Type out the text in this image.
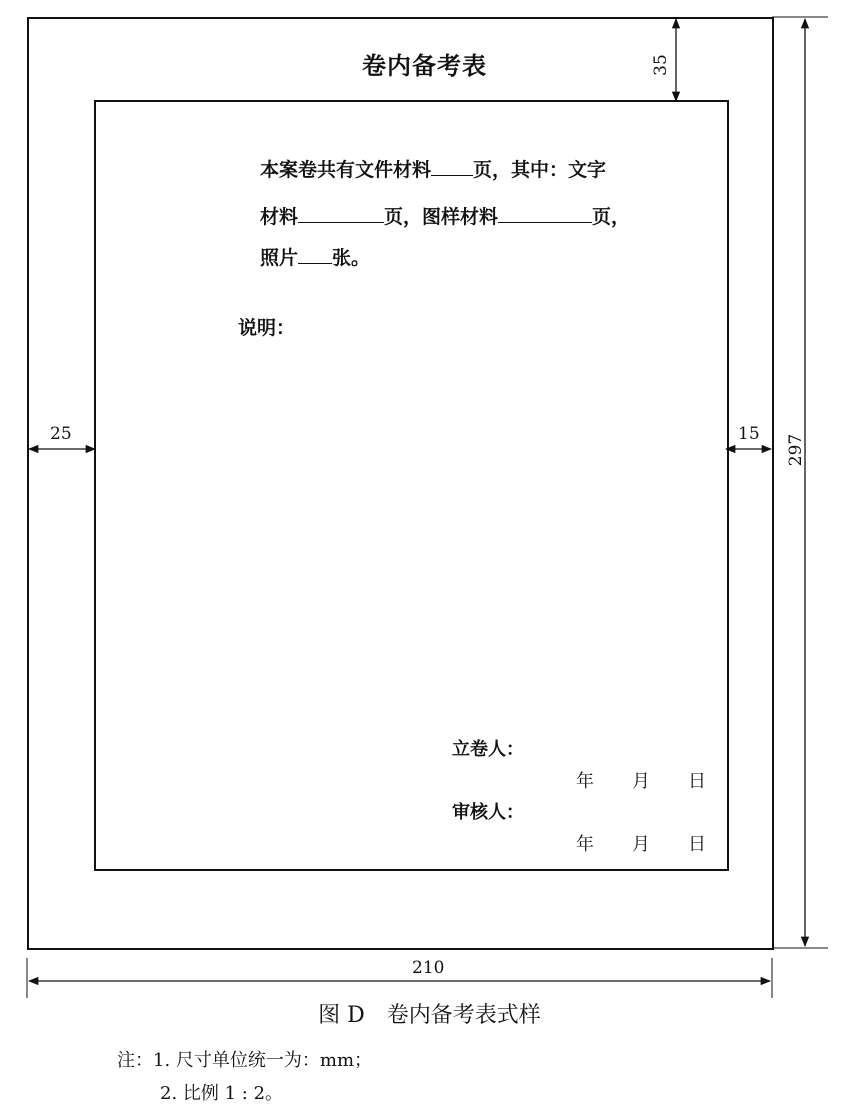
35
25	15 297
210
卷内备考表
本案卷共有文件材料 页，其中：文字
材料	页，图样材料	页，
照片 张。
说明：
立卷人：
年 月 日
审核人：
年 月 日
图 D　卷内备考表式样
注：1. 尺寸单位统一为：mm；
2. 比例 1 : 2。
